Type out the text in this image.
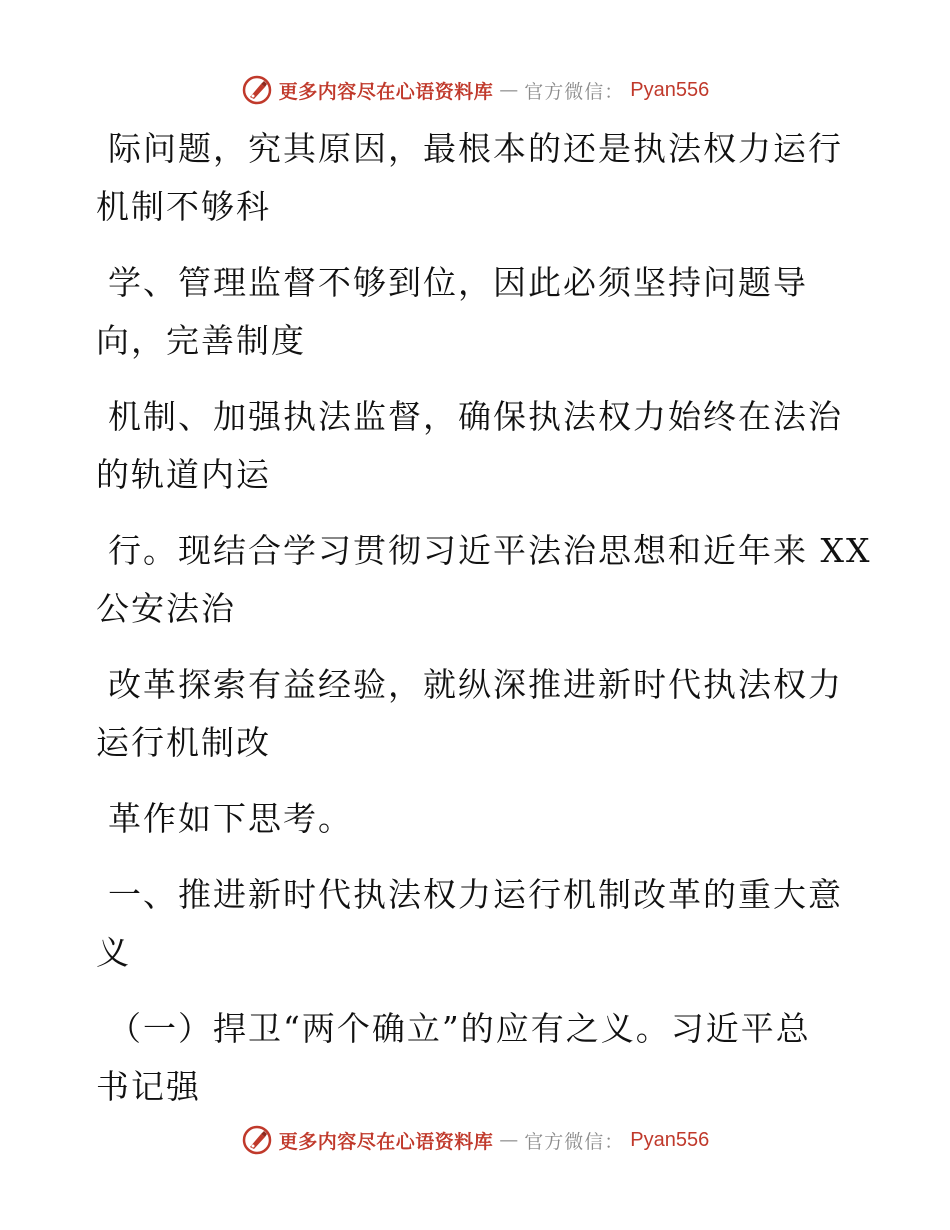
更多内容尽在心语资料库 — 官方微信： Pyan556
际问题，究其原因，最根本的还是执法权力运行
机制不够科
学、管理监督不够到位，因此必须坚持问题导
向，完善制度
机制、加强执法监督，确保执法权力始终在法治
的轨道内运
行。现结合学习贯彻习近平法治思想和近年来 XX
公安法治
改革探索有益经验，就纵深推进新时代执法权力
运行机制改
革作如下思考。
一、推进新时代执法权力运行机制改革的重大意
义
（一）捍卫“两个确立”的应有之义。习近平总
书记强
更多内容尽在心语资料库 — 官方微信： Pyan556
